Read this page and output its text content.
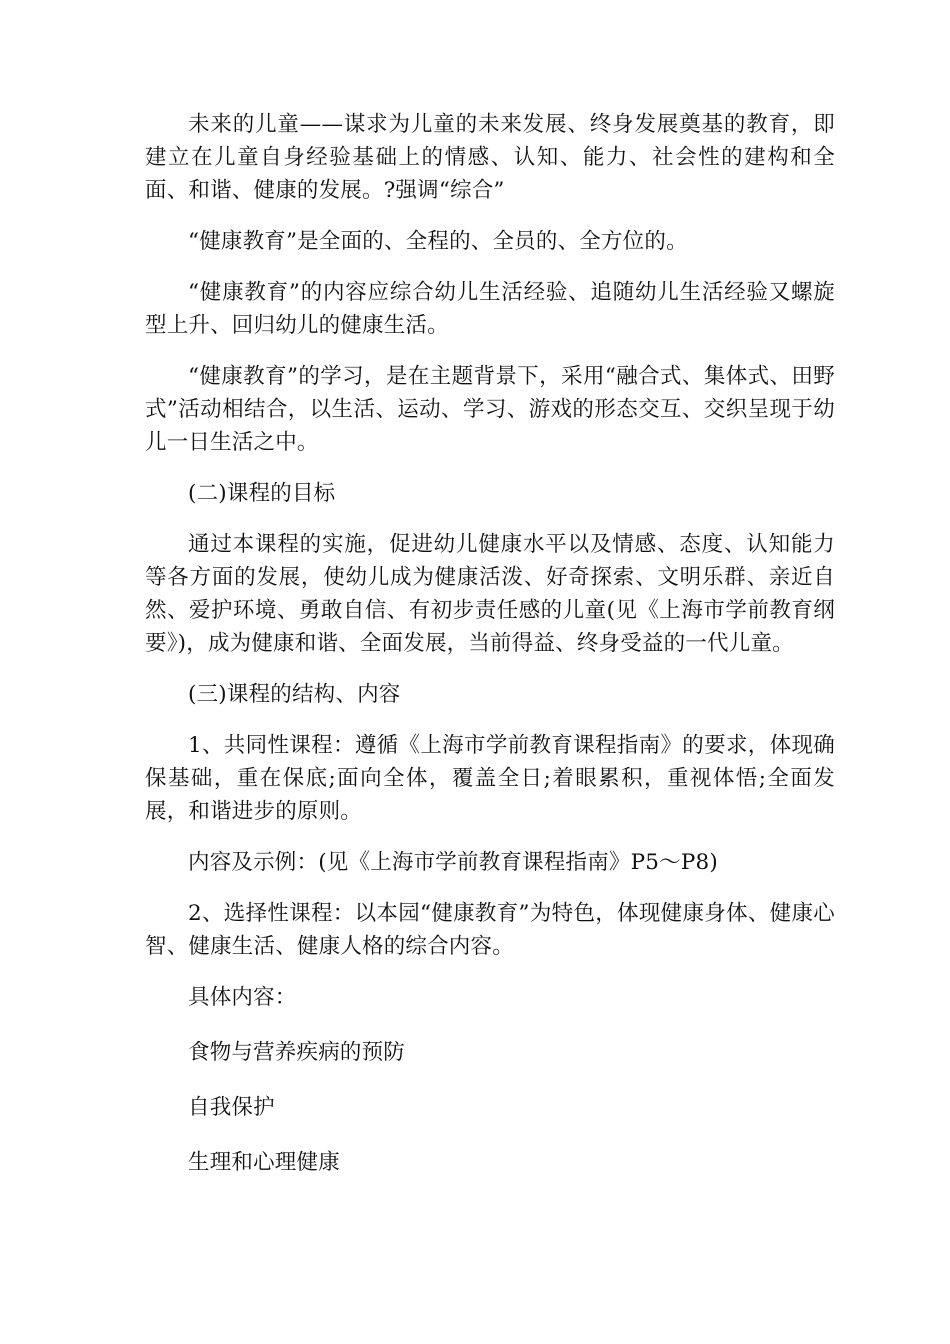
未来的儿童——谋求为儿童的未来发展、终身发展奠基的教育，即建立在儿童自身经验基础上的情感、认知、能力、社会性的建构和全面、和谐、健康的发展。?强调“综合”

“健康教育”是全面的、全程的、全员的、全方位的。

“健康教育”的内容应综合幼儿生活经验、追随幼儿生活经验又螺旋型上升、回归幼儿的健康生活。

“健康教育”的学习，是在主题背景下，采用“融合式、集体式、田野式”活动相结合，以生活、运动、学习、游戏的形态交互、交织呈现于幼儿一日生活之中。

(二)课程的目标

通过本课程的实施，促进幼儿健康水平以及情感、态度、认知能力等各方面的发展，使幼儿成为健康活泼、好奇探索、文明乐群、亲近自然、爱护环境、勇敢自信、有初步责任感的儿童(见《上海市学前教育纲要》)，成为健康和谐、全面发展，当前得益、终身受益的一代儿童。

(三)课程的结构、内容

1、共同性课程：遵循《上海市学前教育课程指南》的要求，体现确保基础，重在保底;面向全体，覆盖全日;着眼累积，重视体悟;全面发展，和谐进步的原则。

内容及示例：(见《上海市学前教育课程指南》P5～P8)

2、选择性课程：以本园“健康教育”为特色，体现健康身体、健康心智、健康生活、健康人格的综合内容。

具体内容：

食物与营养疾病的预防

自我保护

生理和心理健康
